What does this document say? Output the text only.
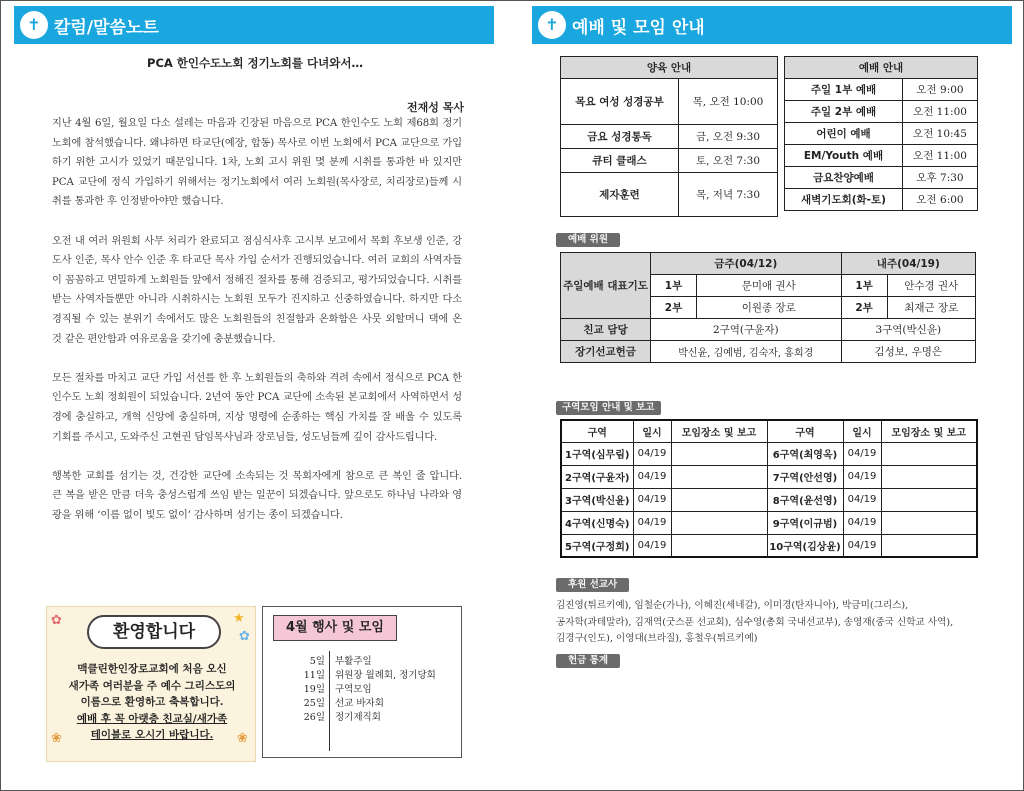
✝ 칼럼/말씀노트	✝ 예배 및 모임 안내
PCA 한인수도노회 정기노회를 다녀와서…
전재성 목사

지난 4월 6일, 월요일 다소 설레는 마음과 긴장된 마음으로 PCA 한인수도 노회 제68회 정기노회에 참석했습니다. 왜냐하면 타교단(예장, 합동) 목사로 이번 노회에서 PCA 교단으로 가입하기 위한 고시가 있었기 때문입니다. 1차, 노회 고시 위원 몇 분께 시취를 통과한 바 있지만 PCA 교단에 정식 가입하기 위해서는 정기노회에서 여러 노회원(목사장로, 치리장로)들께 시취를 통과한 후 인정받아야만 했습니다.

오전 내 여러 위원회 사무 처리가 완료되고 점심식사후 고시부 보고에서 목회 후보생 인준, 강도사 인준, 목사 안수 인준 후 타교단 목사 가입 순서가 진행되었습니다. 여러 교회의 사역자들이 꼼꼼하고 면밀하게 노회원들 앞에서 정해진 절차를 통해 검증되고, 평가되었습니다. 시취를 받는 사역자들뿐만 아니라 시취하시는 노회원 모두가 진지하고 신중하였습니다. 하지만 다소 경직될 수 있는 분위기 속에서도 많은 노회원들의 친절함과 온화함은 사뭇 외할머니 댁에 온 것 같은 편안함과 여유로움을 갖기에 충분했습니다.

모든 절차를 마치고 교단 가입 서선를 한 후 노회원들의 축하와 격려 속에서 정식으로 PCA 한인수도 노회 정회원이 되었습니다. 2년여 동안 PCA 교단에 소속된 본교회에서 사역하면서 성경에 충실하고, 개혁 신앙에 충실하며, 지상 명령에 순종하는 핵심 가치를 잘 배울 수 있도록 기회를 주시고, 도와주신 고현권 담임목사님과 장로님들, 성도님들께 깊이 감사드립니다.

행복한 교회를 섬기는 것, 건강한 교단에 소속되는 것 목회자에게 참으로 큰 복인 줄 압니다. 큰 복을 받은 만큼 더욱 충성스럽게 쓰임 받는 일꾼이 되겠습니다. 앞으로도 하나님 나라와 영광을 위해 ‘이름 없이 빛도 없이’ 감사하며 섬기는 종이 되겠습니다.

✿	★
✿
❀	❀
환영합니다
맥클린한인장로교회에 처음 오신
새가족 여러분을 주 예수 그리스도의
이름으로 환영하고 축복합니다.
예배 후 꼭 아랫층 친교실/새가족
테이블로 오시기 바랍니다.
4월 행사 및 모임
5일 부활주일
11일 위원장 월례회, 정기당회
19일 구역모임
25일 선교 바자회
26일 정기제직회
양육 안내	
목요 여성 성경공부	목, 오전 10:00
금요 성경통독	금, 오전 9:30
큐티 클래스	토, 오전 7:30
제자훈련	목, 저녁 7:30
예배 안내	
주일 1부 예배	오전 9:00
주일 2부 예배	오전 11:00
어린이 예배	오전 10:45
EM/Youth 예배	오전 11:00
금요찬양예배	오후 7:30
새벽기도회(화-토)	오전 6:00
예배 위원
주일예배 대표기도	금주(04/12)		내주(04/19)	
	1부	문미애 권사	1부	안수경 권사
	2부	이원종 장로	2부	최재근 장로
친교 담당	2구역(구윤자)		3구역(박신윤)	
장기선교헌금	박신윤, 김예범, 김숙자, 홍희경		김성보, 우명은	
구역모임 안내 및 보고
구역	일시	모임장소 및 보고	구역	일시	모임장소 및 보고
1구역(심무림)	04/19		6구역(최영옥)	04/19	
2구역(구윤자)	04/19		7구역(안선영)	04/19	
3구역(박신윤)	04/19		8구역(윤선영)	04/19	
4구역(신명숙)	04/19		9구역(이규범)	04/19	
5구역(구정희)	04/19		10구역(김상윤)	04/19	
후원 선교사
김진영(튀르키예), 임철순(가나), 이혜진(세네갈), 이미경(탄자니아), 박금미(그리스),
공자학(과테말라), 김재역(굿스푼 선교회), 심수영(총회 국내선교부), 송영재(중국 신학교 사역),
김경구(인도), 이영대(브라질), 홍철우(튀르키예)
헌금 통계
